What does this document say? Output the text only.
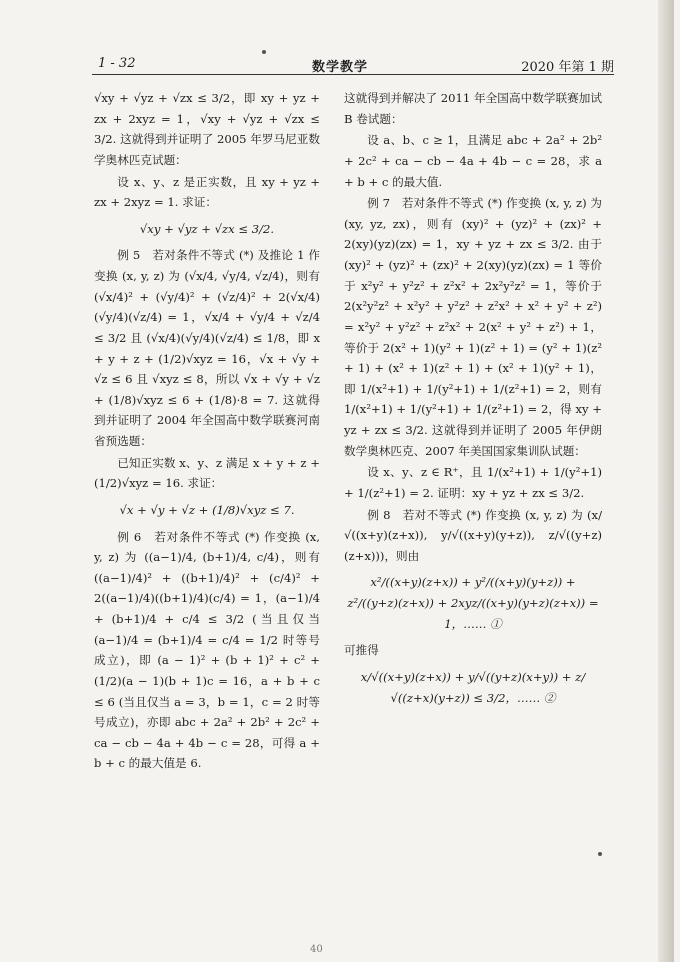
1 - 32	数学教学	2020 年第 1 期

√xy + √yz + √zx ≤ 3/2，即 xy + yz + zx + 2xyz = 1，√xy + √yz + √zx ≤ 3/2. 这就得到并证明了 2005 年罗马尼亚数学奥林匹克试题：

设 x、y、z 是正实数，且 xy + yz + zx + 2xyz = 1. 求证：

√xy + √yz + √zx ≤ 3/2.

例 5　若对条件不等式 (*) 及推论 1 作变换 (x, y, z) 为 (√x/4, √y/4, √z/4)，则有 (√x/4)² + (√y/4)² + (√z/4)² + 2(√x/4)(√y/4)(√z/4) = 1，√x/4 + √y/4 + √z/4 ≤ 3/2 且 (√x/4)(√y/4)(√z/4) ≤ 1/8，即 x + y + z + (1/2)√xyz = 16，√x + √y + √z ≤ 6 且 √xyz ≤ 8，所以 √x + √y + √z + (1/8)√xyz ≤ 6 + (1/8)·8 = 7. 这就得到并证明了 2004 年全国高中数学联赛河南省预选题：

已知正实数 x、y、z 满足 x + y + z + (1/2)√xyz = 16. 求证：

√x + √y + √z + (1/8)√xyz ≤ 7.

例 6　若对条件不等式 (*) 作变换 (x, y, z) 为 ((a−1)/4, (b+1)/4, c/4)，则有 ((a−1)/4)² + ((b+1)/4)² + (c/4)² + 2((a−1)/4)((b+1)/4)(c/4) = 1，(a−1)/4 + (b+1)/4 + c/4 ≤ 3/2 (当且仅当 (a−1)/4 = (b+1)/4 = c/4 = 1/2 时等号成立)，即 (a − 1)² + (b + 1)² + c² + (1/2)(a − 1)(b + 1)c = 16，a + b + c ≤ 6 (当且仅当 a = 3，b = 1，c = 2 时等号成立)，亦即 abc + 2a² + 2b² + 2c² + ca − cb − 4a + 4b − c = 28，可得 a + b + c 的最大值是 6.

这就得到并解决了 2011 年全国高中数学联赛加试 B 卷试题：

设 a、b、c ≥ 1，且满足 abc + 2a² + 2b² + 2c² + ca − cb − 4a + 4b − c = 28，求 a + b + c 的最大值.

例 7　若对条件不等式 (*) 作变换 (x, y, z) 为 (xy, yz, zx)，则有 (xy)² + (yz)² + (zx)² + 2(xy)(yz)(zx) = 1，xy + yz + zx ≤ 3/2. 由于 (xy)² + (yz)² + (zx)² + 2(xy)(yz)(zx) = 1 等价于 x²y² + y²z² + z²x² + 2x²y²z² = 1，等价于 2(x²y²z² + x²y² + y²z² + z²x² + x² + y² + z²) = x²y² + y²z² + z²x² + 2(x² + y² + z²) + 1，等价于 2(x² + 1)(y² + 1)(z² + 1) = (y² + 1)(z² + 1) + (x² + 1)(z² + 1) + (x² + 1)(y² + 1)，即 1/(x²+1) + 1/(y²+1) + 1/(z²+1) = 2，则有 1/(x²+1) + 1/(y²+1) + 1/(z²+1) = 2，得 xy + yz + zx ≤ 3/2. 这就得到并证明了 2005 年伊朗数学奥林匹克、2007 年美国国家集训队试题：

设 x、y、z ∈ R⁺，且 1/(x²+1) + 1/(y²+1) + 1/(z²+1) = 2. 证明：xy + yz + zx ≤ 3/2.

例 8　若对不等式 (*) 作变换 (x, y, z) 为 (x/√((x+y)(z+x)), y/√((x+y)(y+z)), z/√((y+z)(z+x)))，则由

x²/((x+y)(z+x)) + y²/((x+y)(y+z)) + z²/((y+z)(z+x)) + 2xyz/((x+y)(y+z)(z+x)) = 1，…… ①

可推得

x/√((x+y)(z+x)) + y/√((y+z)(x+y)) + z/√((z+x)(y+z)) ≤ 3/2，…… ②

40
